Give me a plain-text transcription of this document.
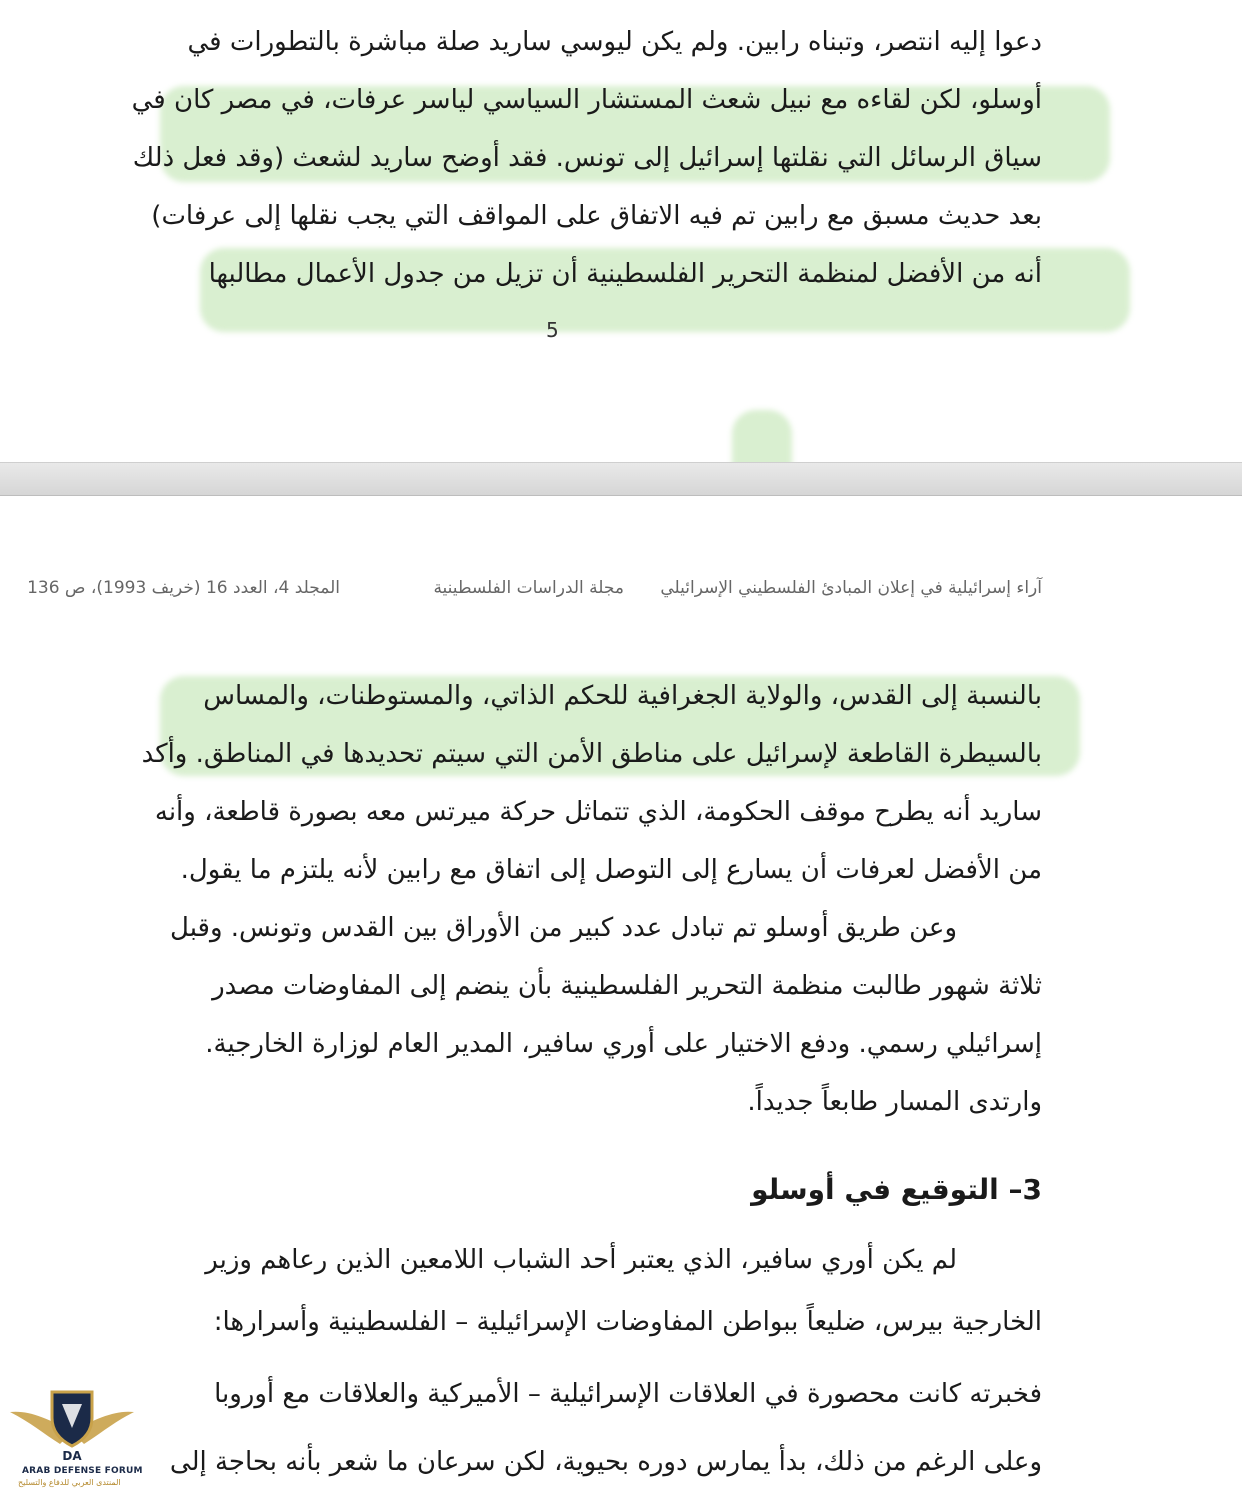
دعوا إليه انتصر، وتبناه رابين. ولم يكن ليوسي ساريد صلة مباشرة بالتطورات في
أوسلو، لكن لقاءه مع نبيل شعث المستشار السياسي لياسر عرفات، في مصر كان في
سياق الرسائل التي نقلتها إسرائيل إلى تونس. فقد أوضح ساريد لشعث (وقد فعل ذلك
بعد حديث مسبق مع رابين تم فيه الاتفاق على المواقف التي يجب نقلها إلى عرفات)
أنه من الأفضل لمنظمة التحرير الفلسطينية أن تزيل من جدول الأعمال مطالبها
5
آراء إسرائيلية في إعلان المبادئ الفلسطيني الإسرائيلي
مجلة الدراسات الفلسطينية
المجلد 4، العدد 16 (خريف 1993)، ص 136
بالنسبة إلى القدس، والولاية الجغرافية للحكم الذاتي، والمستوطنات، والمساس
بالسيطرة القاطعة لإسرائيل على مناطق الأمن التي سيتم تحديدها في المناطق. وأكد
ساريد أنه يطرح موقف الحكومة، الذي تتماثل حركة ميرتس معه بصورة قاطعة، وأنه
من الأفضل لعرفات أن يسارع إلى التوصل إلى اتفاق مع رابين لأنه يلتزم ما يقول.
وعن طريق أوسلو تم تبادل عدد كبير من الأوراق بين القدس وتونس. وقبل
ثلاثة شهور طالبت منظمة التحرير الفلسطينية بأن ينضم إلى المفاوضات مصدر
إسرائيلي رسمي. ودفع الاختيار على أوري سافير، المدير العام لوزارة الخارجية.
وارتدى المسار طابعاً جديداً.
3– التوقيع في أوسلو
لم يكن أوري سافير، الذي يعتبر أحد الشباب اللامعين الذين رعاهم وزير
الخارجية بيرس، ضليعاً ببواطن المفاوضات الإسرائيلية – الفلسطينية وأسرارها:
فخبرته كانت محصورة في العلاقات الإسرائيلية – الأميركية والعلاقات مع أوروبا
وعلى الرغم من ذلك، بدأ يمارس دوره بحيوية، لكن سرعان ما شعر بأنه بحاجة إلى
DA
ARAB DEFENSE FORUM
المنتدى العربي للدفاع والتسليح
